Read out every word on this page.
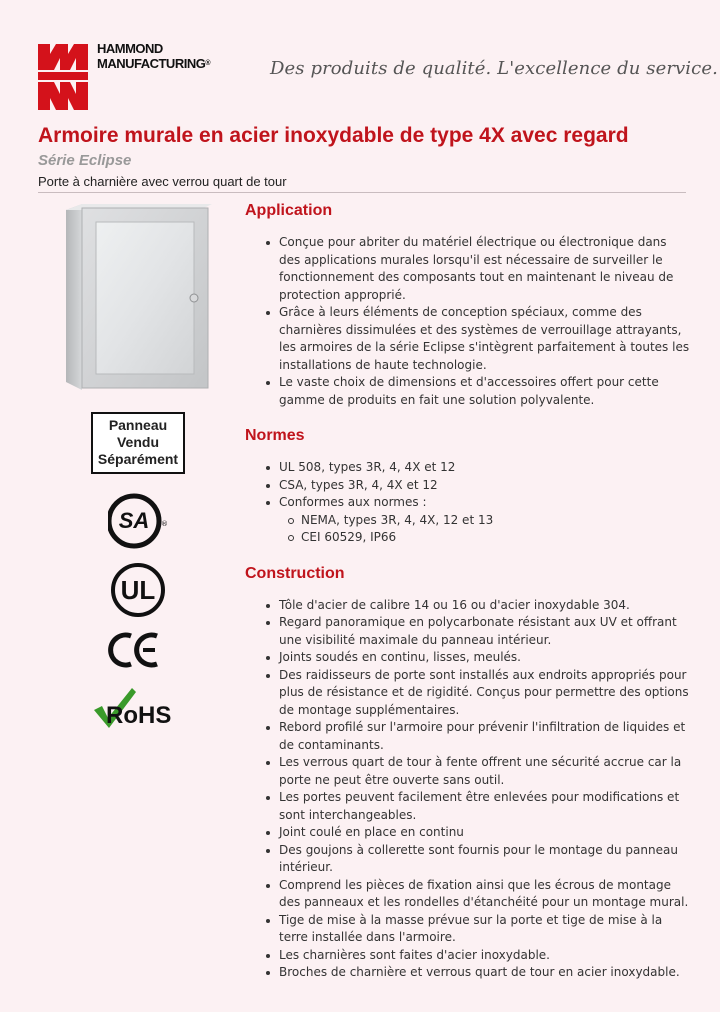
HAMMOND
MANUFACTURING®	Des produits de qualité. L'excellence du service.
Armoire murale en acier inoxydable de type 4X avec regard
Série Eclipse
Porte à charnière avec verrou quart de tour
Panneau
Vendu
Séparément
SA ®
UL
RoHS
Application
Conçue pour abriter du matériel électrique ou électronique dans des applications murales lorsqu'il est nécessaire de surveiller le fonctionnement des composants tout en maintenant le niveau de protection approprié.
Grâce à leurs éléments de conception spéciaux, comme des charnières dissimulées et des systèmes de verrouillage attrayants, les armoires de la série Eclipse s'intègrent parfaitement à toutes les installations de haute technologie.
Le vaste choix de dimensions et d'accessoires offert pour cette gamme de produits en fait une solution polyvalente.
Normes
UL 508, types 3R, 4, 4X et 12
CSA, types 3R, 4, 4X et 12
Conformes aux normes :
NEMA, types 3R, 4, 4X, 12 et 13
CEI 60529, IP66
Construction
Tôle d'acier de calibre 14 ou 16 ou d'acier inoxydable 304.
Regard panoramique en polycarbonate résistant aux UV et offrant une visibilité maximale du panneau intérieur.
Joints soudés en continu, lisses, meulés.
Des raidisseurs de porte sont installés aux endroits appropriés pour plus de résistance et de rigidité. Conçus pour permettre des options de montage supplémentaires.
Rebord profilé sur l'armoire pour prévenir l'infiltration de liquides et de contaminants.
Les verrous quart de tour à fente offrent une sécurité accrue car la porte ne peut être ouverte sans outil.
Les portes peuvent facilement être enlevées pour modifications et sont interchangeables.
Joint coulé en place en continu
Des goujons à collerette sont fournis pour le montage du panneau intérieur.
Comprend les pièces de fixation ainsi que les écrous de montage des panneaux et les rondelles d'étanchéité pour un montage mural.
Tige de mise à la masse prévue sur la porte et tige de mise à la terre installée dans l'armoire.
Les charnières sont faites d'acier inoxydable.
Broches de charnière et verrous quart de tour en acier inoxydable.
